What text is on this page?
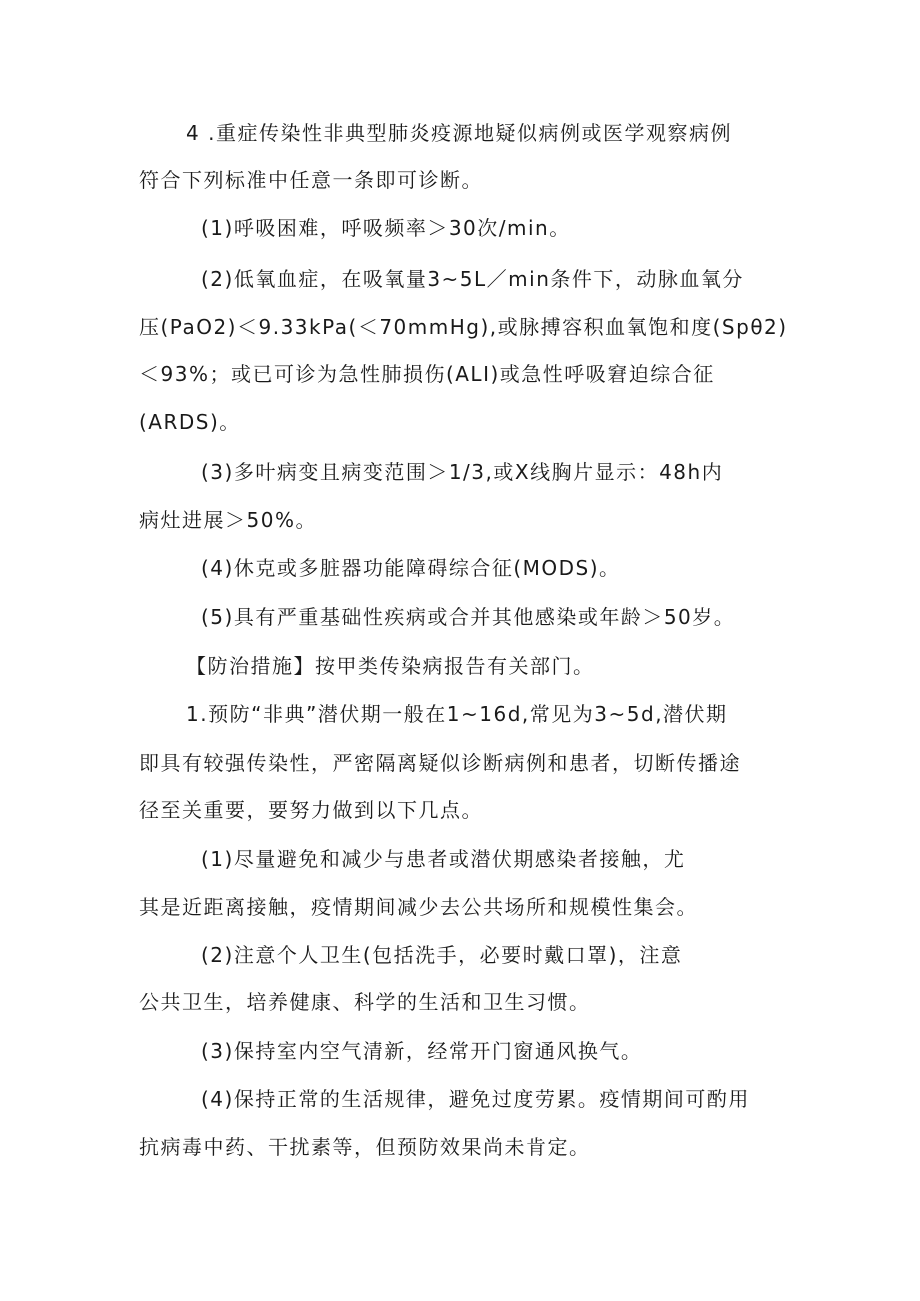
4 .重症传染性非典型肺炎疫源地疑似病例或医学观察病例
符合下列标准中任意一条即可诊断。
(1)呼吸困难，呼吸频率＞30次/min。
(2)低氧血症，在吸氧量3~5L／min条件下，动脉血氧分
压(PaO2)＜9.33kPa(＜70mmHg),或脉搏容积血氧饱和度(Spθ2)
＜93%；或已可诊为急性肺损伤(ALI)或急性呼吸窘迫综合征
(ARDS)。
(3)多叶病变且病变范围＞1/3,或X线胸片显示：48h内
病灶进展＞50%。
(4)休克或多脏器功能障碍综合征(MODS)。
(5)具有严重基础性疾病或合并其他感染或年龄＞50岁。
【防治措施】按甲类传染病报告有关部门。
1.预防“非典”潜伏期一般在1~16d,常见为3~5d,潜伏期
即具有较强传染性，严密隔离疑似诊断病例和患者，切断传播途
径至关重要，要努力做到以下几点。
(1)尽量避免和减少与患者或潜伏期感染者接触，尤
其是近距离接触，疫情期间减少去公共场所和规模性集会。
(2)注意个人卫生(包括洗手，必要时戴口罩)，注意
公共卫生，培养健康、科学的生活和卫生习惯。
(3)保持室内空气清新，经常开门窗通风换气。
(4)保持正常的生活规律，避免过度劳累。疫情期间可酌用
抗病毒中药、干扰素等，但预防效果尚未肯定。
